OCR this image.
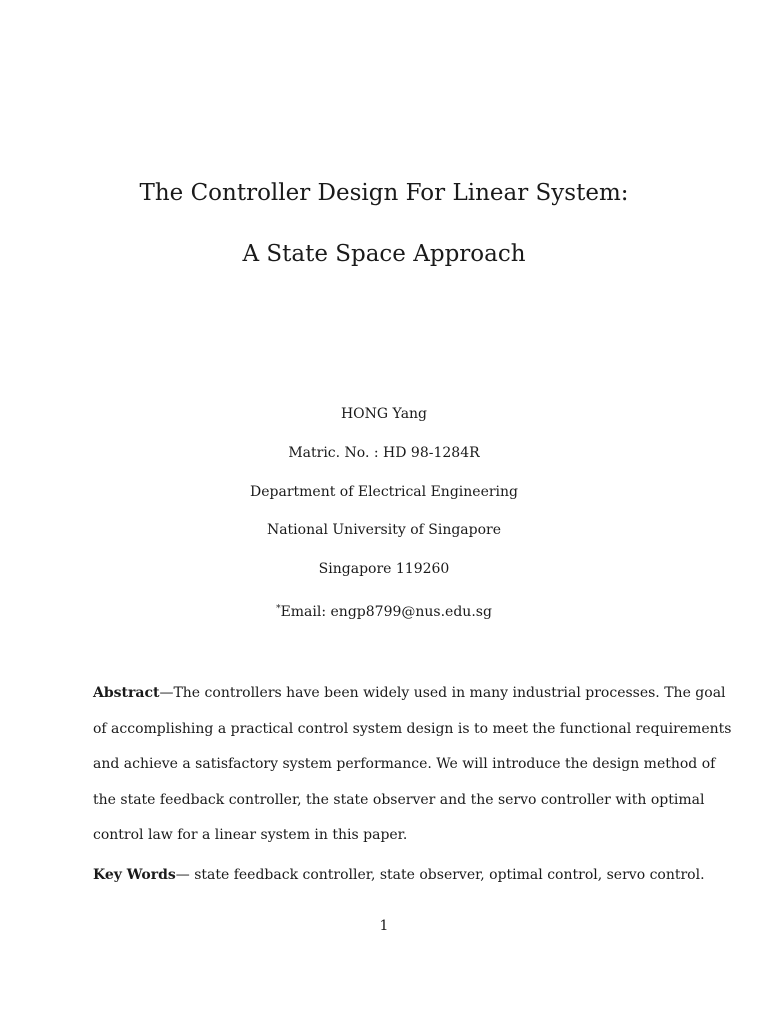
The Controller Design For Linear System:
A State Space Approach
HONG Yang
Matric. No. : HD 98-1284R
Department of Electrical Engineering
National University of Singapore
Singapore 119260
*Email: engp8799@nus.edu.sg
Abstract—The controllers have been widely used in many industrial processes. The goal
of accomplishing a practical control system design is to meet the functional requirements
and achieve a satisfactory system performance. We will introduce the design method of
the state feedback controller, the state observer and the servo controller with optimal
control law for a linear system in this paper.
Key Words— state feedback controller, state observer, optimal control, servo control.
1
